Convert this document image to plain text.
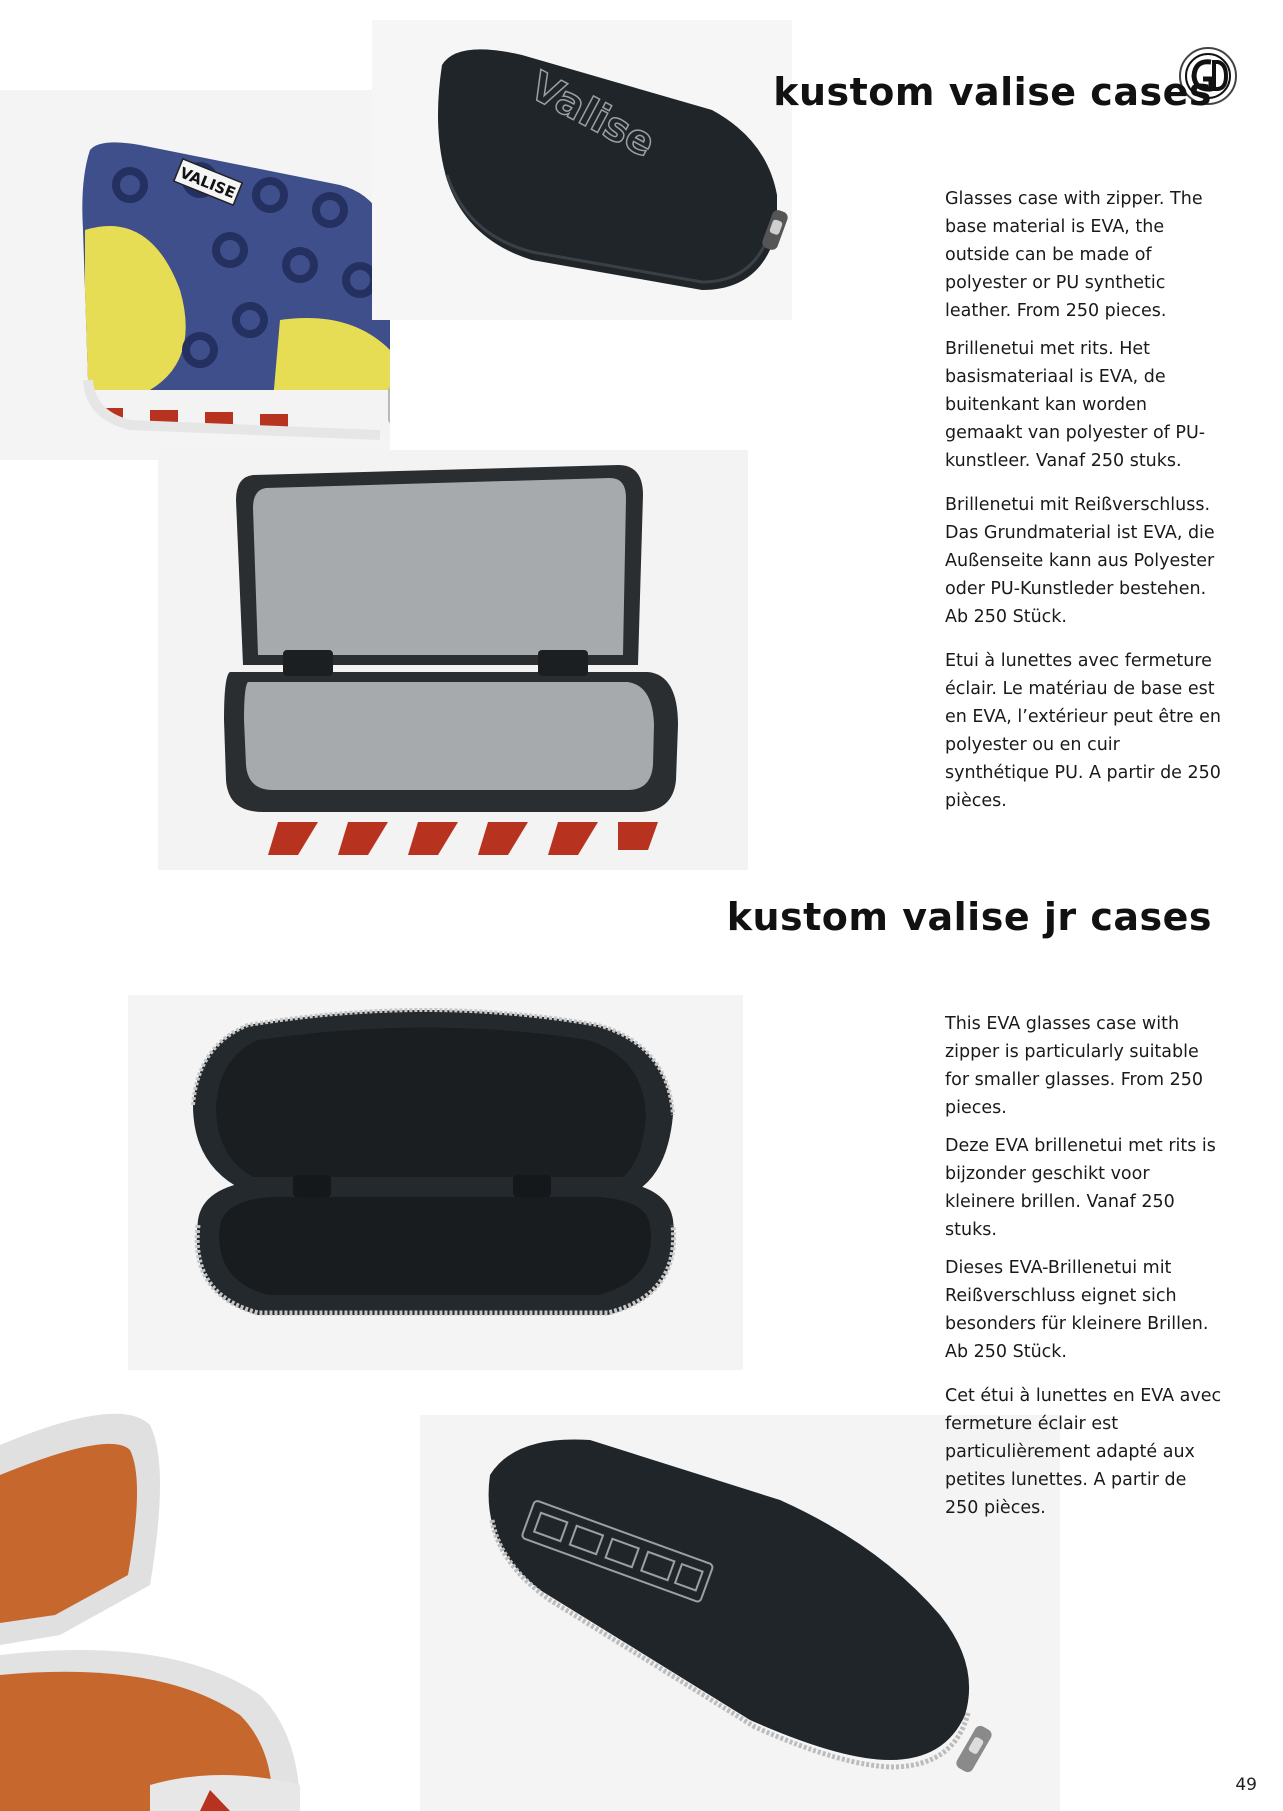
VALISE
Valise	kustom valise cases

Glasses case with zipper. The base material is EVA, the outside can be made of polyester or PU synthetic leather. From 250 pieces.

Brillenetui met rits. Het basismateriaal is EVA, de buitenkant kan worden gemaakt van polyester of PU-kunstleer. Vanaf 250 stuks.

Brillenetui mit Reißverschluss. Das Grundmaterial ist EVA, die Außenseite kann aus Polyester oder PU-Kunstleder bestehen. Ab 250 Stück.

Etui à lunettes avec fermeture éclair. Le matériau de base est en EVA, l’extérieur peut être en polyester ou en cuir synthétique PU. A partir de 250 pièces.

kustom valise jr cases

This EVA glasses case with zipper is particularly suitable for smaller glasses. From 250 pieces.

Deze EVA brillenetui met rits is bijzonder geschikt voor kleinere brillen. Vanaf 250 stuks.

Dieses EVA-Brillenetui mit Reißverschluss eignet sich besonders für kleinere Brillen. Ab 250 Stück.

Cet étui à lunettes en EVA avec fermeture éclair est particulièrement adapté aux petites lunettes. A partir de 250 pièces.

49
